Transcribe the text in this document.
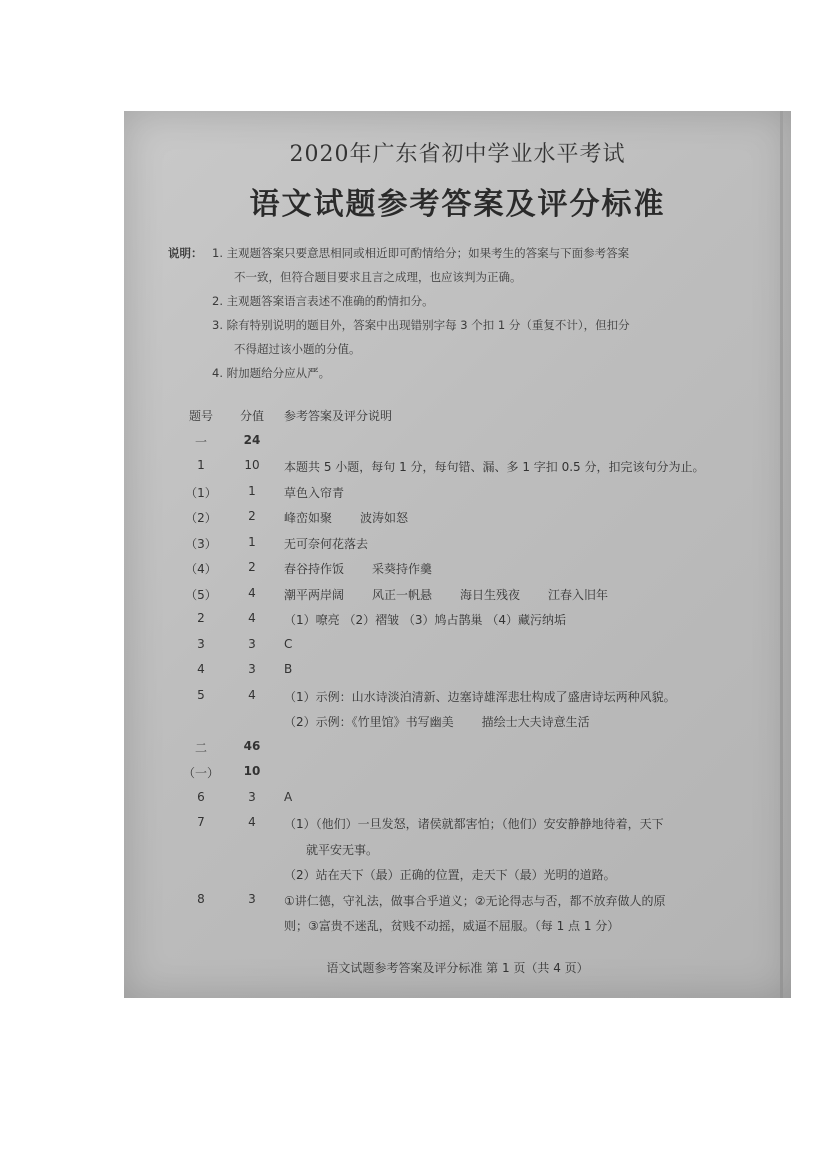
2020年广东省初中学业水平考试
语文试题参考答案及评分标准
说明： 1. 主观题答案只要意思相同或相近即可酌情给分；如果考生的答案与下面参考答案
不一致，但符合题目要求且言之成理，也应该判为正确。
2. 主观题答案语言表述不准确的酌情扣分。
3. 除有特别说明的题目外，答案中出现错别字每 3 个扣 1 分（重复不计），但扣分
不得超过该小题的分值。
4. 附加题给分应从严。
题号	分值	参考答案及评分说明
一	24
1	10	本题共 5 小题，每句 1 分，每句错、漏、多 1 字扣 0.5 分，扣完该句分为止。
（1）	1	草色入帘青
（2）	2	峰峦如聚 波涛如怒
（3）	1	无可奈何花落去
（4）	2	春谷持作饭 采葵持作羹
（5）	4	潮平两岸阔 风正一帆悬 海日生残夜 江春入旧年
2	4	（1）嘹亮 （2）褶皱 （3）鸠占鹊巢 （4）藏污纳垢
3	3	C
4	3	B
5	4	（1）示例：山水诗淡泊清新、边塞诗雄浑悲壮构成了盛唐诗坛两种风貌。
（2）示例：《竹里馆》书写幽美 描绘士大夫诗意生活
二	46
（一）	10
6	3	A
7	4	（1）（他们）一旦发怒，诸侯就都害怕；（他们）安安静静地待着，天下
就平安无事。
（2）站在天下（最）正确的位置，走天下（最）光明的道路。
8	3	①讲仁德，守礼法，做事合乎道义；②无论得志与否，都不放弃做人的原
则；③富贵不迷乱，贫贱不动摇，威逼不屈服。（每 1 点 1 分）
语文试题参考答案及评分标准 第 1 页（共 4 页）
